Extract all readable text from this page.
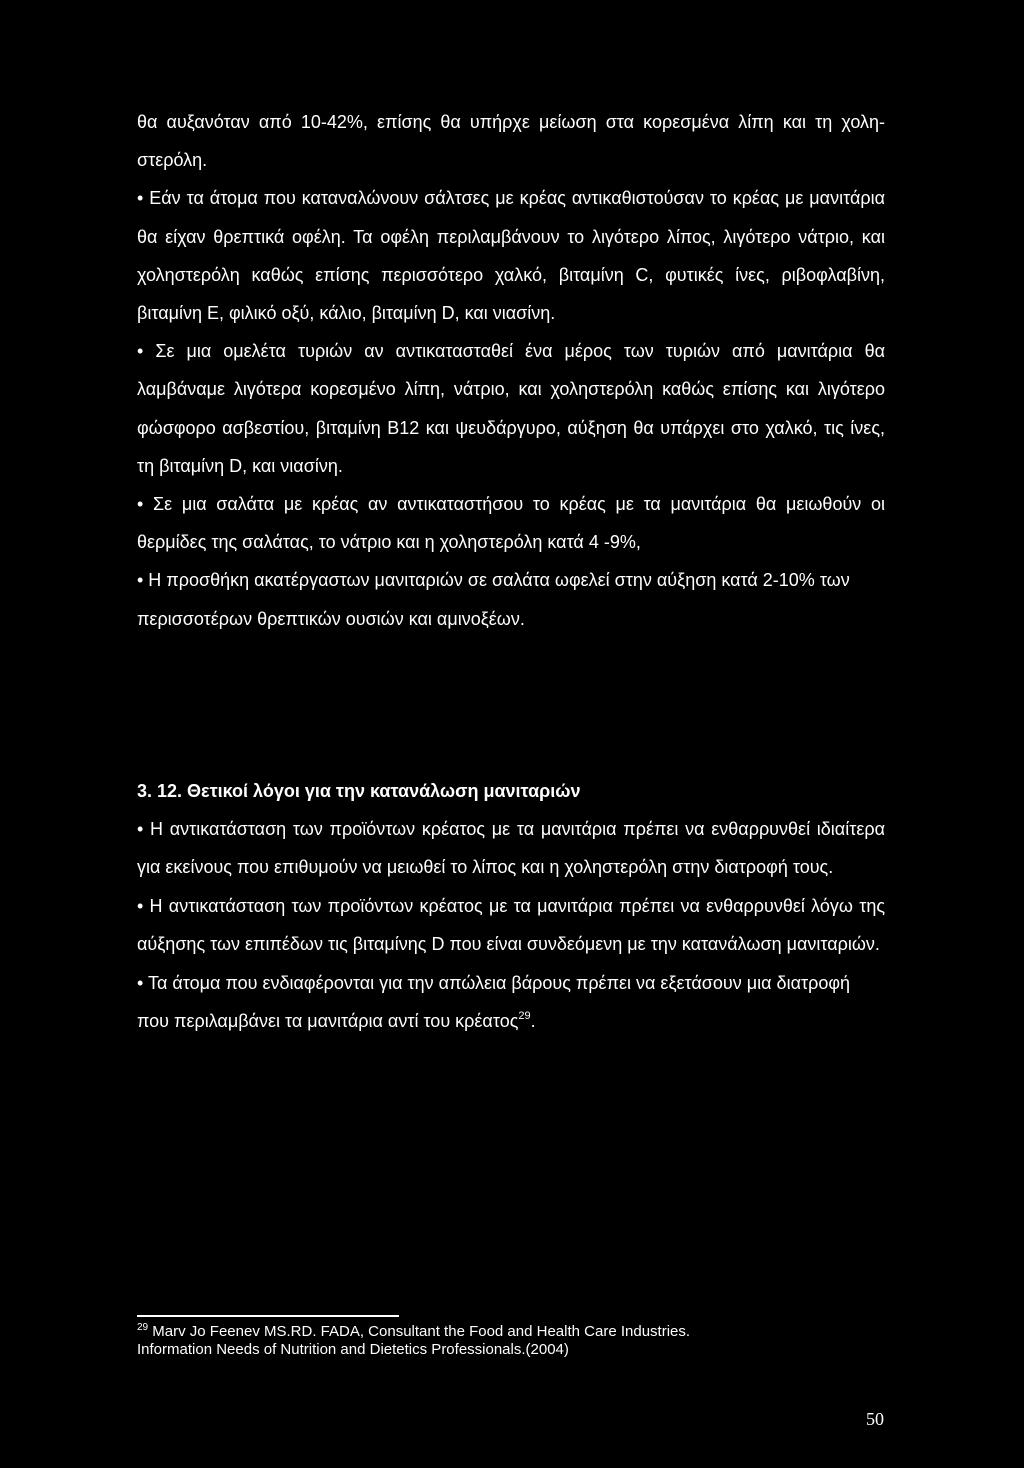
θα αυξανόταν από 10-42%, επίσης θα υπήρχε μείωση στα κορεσμένα λίπη και τη χοληστερόλη.

• Εάν τα άτομα που καταναλώνουν σάλτσες με κρέας αντικαθιστούσαν το κρέας με μανιτάρια θα είχαν θρεπτικά οφέλη. Τα οφέλη περιλαμβάνουν το λιγότερο λίπος, λιγότερο νάτριο, και χοληστερόλη καθώς επίσης περισσότερο χαλκό, βιταμίνη C, φυτικές ίνες, ριβοφλαβίνη, βιταμίνη Ε, φιλικό οξύ, κάλιο, βιταμίνη D, και νιασίνη.

• Σε μια ομελέτα τυριών αν αντικατασταθεί ένα μέρος των τυριών από μανιτάρια θα λαμβάναμε λιγότερα κορεσμένο λίπη, νάτριο, και χοληστερόλη καθώς επίσης και λιγότερο φώσφορο ασβεστίου, βιταμίνη Β12 και ψευδάργυρο, αύξηση θα υπάρχει στο χαλκό, τις ίνες, τη βιταμίνη D, και νιασίνη.

• Σε μια σαλάτα με κρέας αν αντικαταστήσου το κρέας με τα μανιτάρια θα μειωθούν οι θερμίδες της σαλάτας, το νάτριο και η χοληστερόλη κατά 4 -9%,

• Η προσθήκη ακατέργαστων μανιταριών σε σαλάτα ωφελεί στην αύξηση κατά 2-10% των περισσοτέρων θρεπτικών ουσιών και αμινοξέων.

3. 12. Θετικοί λόγοι για την κατανάλωση μανιταριών

• Η αντικατάσταση των προϊόντων κρέατος με τα μανιτάρια πρέπει να ενθαρρυνθεί ιδιαίτερα για εκείνους που επιθυμούν να μειωθεί το λίπος και η χοληστερόλη στην διατροφή τους.

• Η αντικατάσταση των προϊόντων κρέατος με τα μανιτάρια πρέπει να ενθαρρυνθεί λόγω της αύξησης των επιπέδων τις βιταμίνης D που είναι συνδεόμενη με την κατανάλωση μανιταριών.

• Τα άτομα που ενδιαφέρονται για την απώλεια βάρους πρέπει να εξετάσουν μια διατροφή που περιλαμβάνει τα μανιτάρια αντί του κρέατος$^{29}$.

$^{29}$ Marv Jo Feenev MS.RD. FADA, Consultant the Food and Health Care Industries.
Information Needs of Nutrition and Dietetics Professionals.(2004)
50
